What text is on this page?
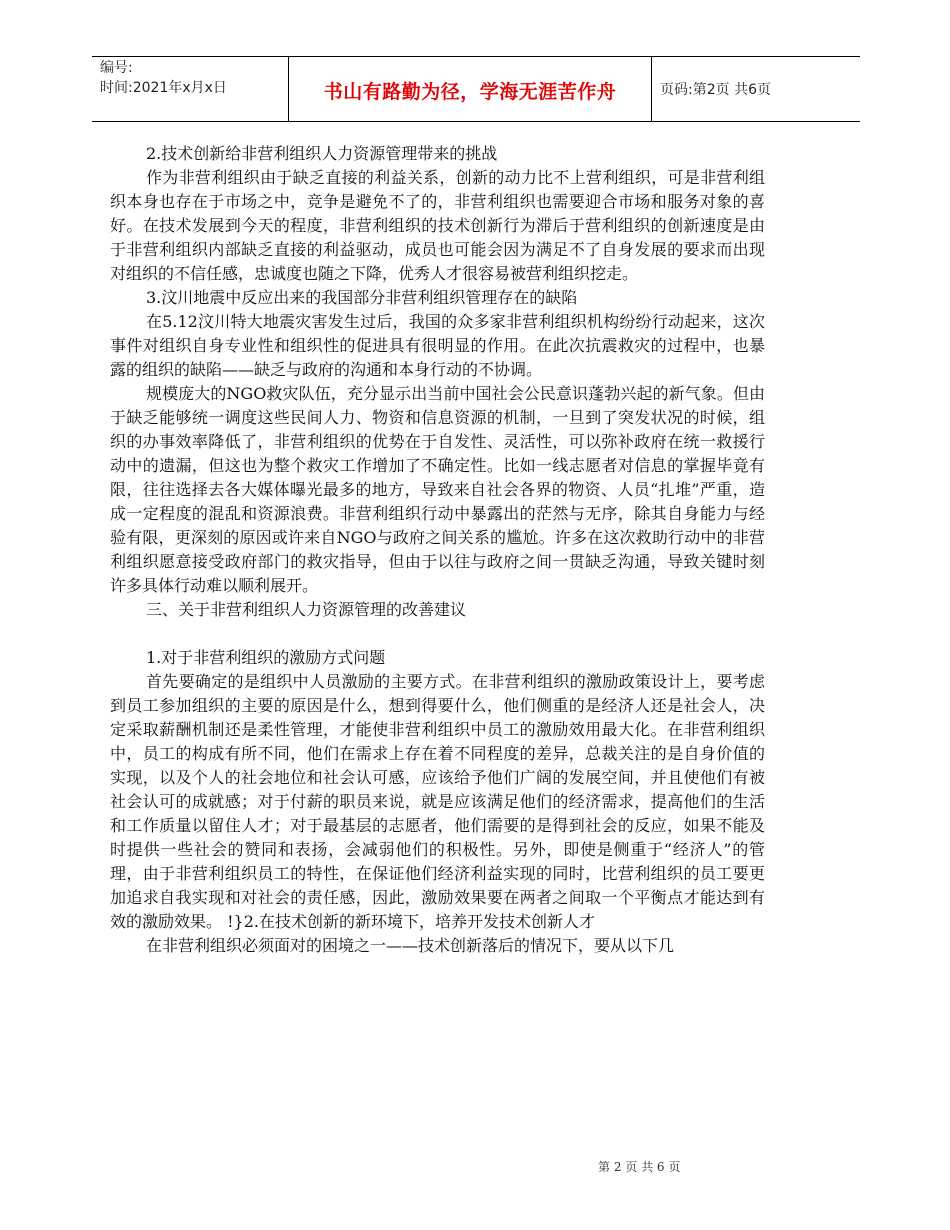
编号:
时间:2021年x月x日	书山有路勤为径，学海无涯苦作舟	页码:第2页 共6页

2.技术创新给非营利组织人力资源管理带来的挑战

作为非营利组织由于缺乏直接的利益关系，创新的动力比不上营利组织，可是非营利组织本身也存在于市场之中，竞争是避免不了的，非营利组织也需要迎合市场和服务对象的喜好。在技术发展到今天的程度，非营利组织的技术创新行为滞后于营利组织的创新速度是由于非营利组织内部缺乏直接的利益驱动，成员也可能会因为满足不了自身发展的要求而出现对组织的不信任感，忠诚度也随之下降，优秀人才很容易被营利组织挖走。

3.汶川地震中反应出来的我国部分非营利组织管理存在的缺陷

在5.12汶川特大地震灾害发生过后，我国的众多家非营利组织机构纷纷行动起来，这次事件对组织自身专业性和组织性的促进具有很明显的作用。在此次抗震救灾的过程中，也暴露的组织的缺陷——缺乏与政府的沟通和本身行动的不协调。

规模庞大的NGO救灾队伍，充分显示出当前中国社会公民意识蓬勃兴起的新气象。但由于缺乏能够统一调度这些民间人力、物资和信息资源的机制，一旦到了突发状况的时候，组织的办事效率降低了，非营利组织的优势在于自发性、灵活性，可以弥补政府在统一救援行动中的遗漏，但这也为整个救灾工作增加了不确定性。比如一线志愿者对信息的掌握毕竟有限，往往选择去各大媒体曝光最多的地方，导致来自社会各界的物资、人员“扎堆”严重，造成一定程度的混乱和资源浪费。非营利组织行动中暴露出的茫然与无序，除其自身能力与经验有限，更深刻的原因或许来自NGO与政府之间关系的尴尬。许多在这次救助行动中的非营利组织愿意接受政府部门的救灾指导，但由于以往与政府之间一贯缺乏沟通，导致关键时刻许多具体行动难以顺利展开。

三、关于非营利组织人力资源管理的改善建议

1.对于非营利组织的激励方式问题

首先要确定的是组织中人员激励的主要方式。在非营利组织的激励政策设计上，要考虑到员工参加组织的主要的原因是什么，想到得要什么，他们侧重的是经济人还是社会人，决定采取薪酬机制还是柔性管理，才能使非营利组织中员工的激励效用最大化。在非营利组织中，员工的构成有所不同，他们在需求上存在着不同程度的差异，总裁关注的是自身价值的实现，以及个人的社会地位和社会认可感，应该给予他们广阔的发展空间，并且使他们有被社会认可的成就感；对于付薪的职员来说，就是应该满足他们的经济需求，提高他们的生活和工作质量以留住人才；对于最基层的志愿者，他们需要的是得到社会的反应，如果不能及时提供一些社会的赞同和表扬，会减弱他们的积极性。另外，即使是侧重于“经济人”的管理，由于非营利组织员工的特性，在保证他们经济利益实现的同时，比营利组织的员工要更加追求自我实现和对社会的责任感，因此，激励效果要在两者之间取一个平衡点才能达到有效的激励效果。 !}2.在技术创新的新环境下，培养开发技术创新人才

在非营利组织必须面对的困境之一——技术创新落后的情况下，要从以下几

第 2 页 共 6 页
